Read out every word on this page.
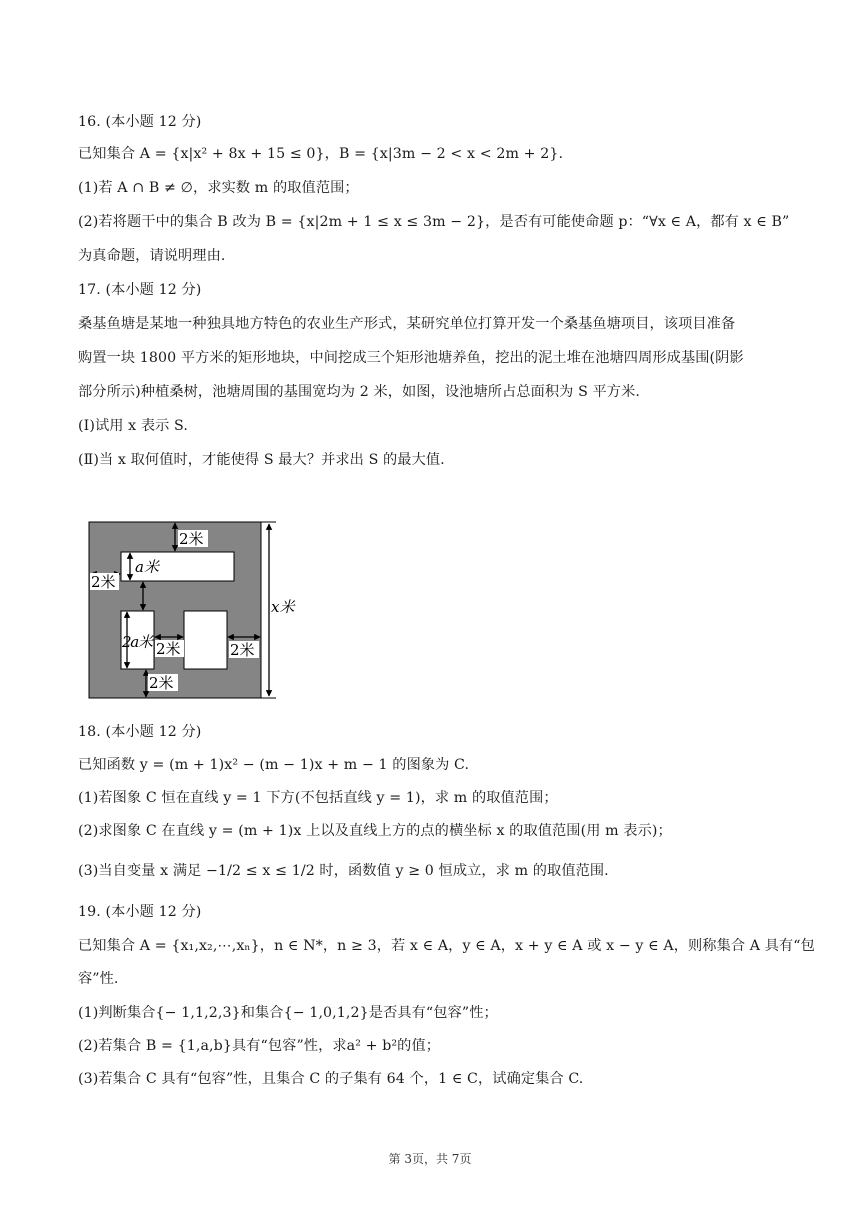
16. (本小题 12 分)
已知集合 A = {x|x² + 8x + 15 ≤ 0}，B = {x|3m − 2 < x < 2m + 2}.
(1)若 A ∩ B ≠ ∅，求实数 m 的取值范围；
(2)若将题干中的集合 B 改为 B = {x|2m + 1 ≤ x ≤ 3m − 2}，是否有可能使命题 p：“∀x ∈ A，都有 x ∈ B”
为真命题，请说明理由.
17. (本小题 12 分)
桑基鱼塘是某地一种独具地方特色的农业生产形式，某研究单位打算开发一个桑基鱼塘项目，该项目准备
购置一块 1800 平方米的矩形地块，中间挖成三个矩形池塘养鱼，挖出的泥土堆在池塘四周形成基围(阴影
部分所示)种植桑树，池塘周围的基围宽均为 2 米，如图，设池塘所占总面积为 S 平方米.
(Ⅰ)试用 x 表示 S.
(Ⅱ)当 x 取何值时，才能使得 S 最大？并求出 S 的最大值.
2米
2米
a米
2a米 2米	2米
2米
x米
18. (本小题 12 分)
已知函数 y = (m + 1)x² − (m − 1)x + m − 1 的图象为 C.
(1)若图象 C 恒在直线 y = 1 下方(不包括直线 y = 1)，求 m 的取值范围；
(2)求图象 C 在直线 y = (m + 1)x 上以及直线上方的点的横坐标 x 的取值范围(用 m 表示)；
(3)当自变量 x 满足 −1/2 ≤ x ≤ 1/2 时，函数值 y ≥ 0 恒成立，求 m 的取值范围.
19. (本小题 12 分)
已知集合 A = {x₁,x₂,⋯,xₙ}，n ∈ N*，n ≥ 3，若 x ∈ A，y ∈ A，x + y ∈ A 或 x − y ∈ A，则称集合 A 具有“包
容”性.
(1)判断集合{− 1,1,2,3}和集合{− 1,0,1,2}是否具有“包容”性；
(2)若集合 B = {1,a,b}具有“包容”性，求a² + b²的值；
(3)若集合 C 具有“包容”性，且集合 C 的子集有 64 个，1 ∈ C，试确定集合 C.
第 3页，共 7页
